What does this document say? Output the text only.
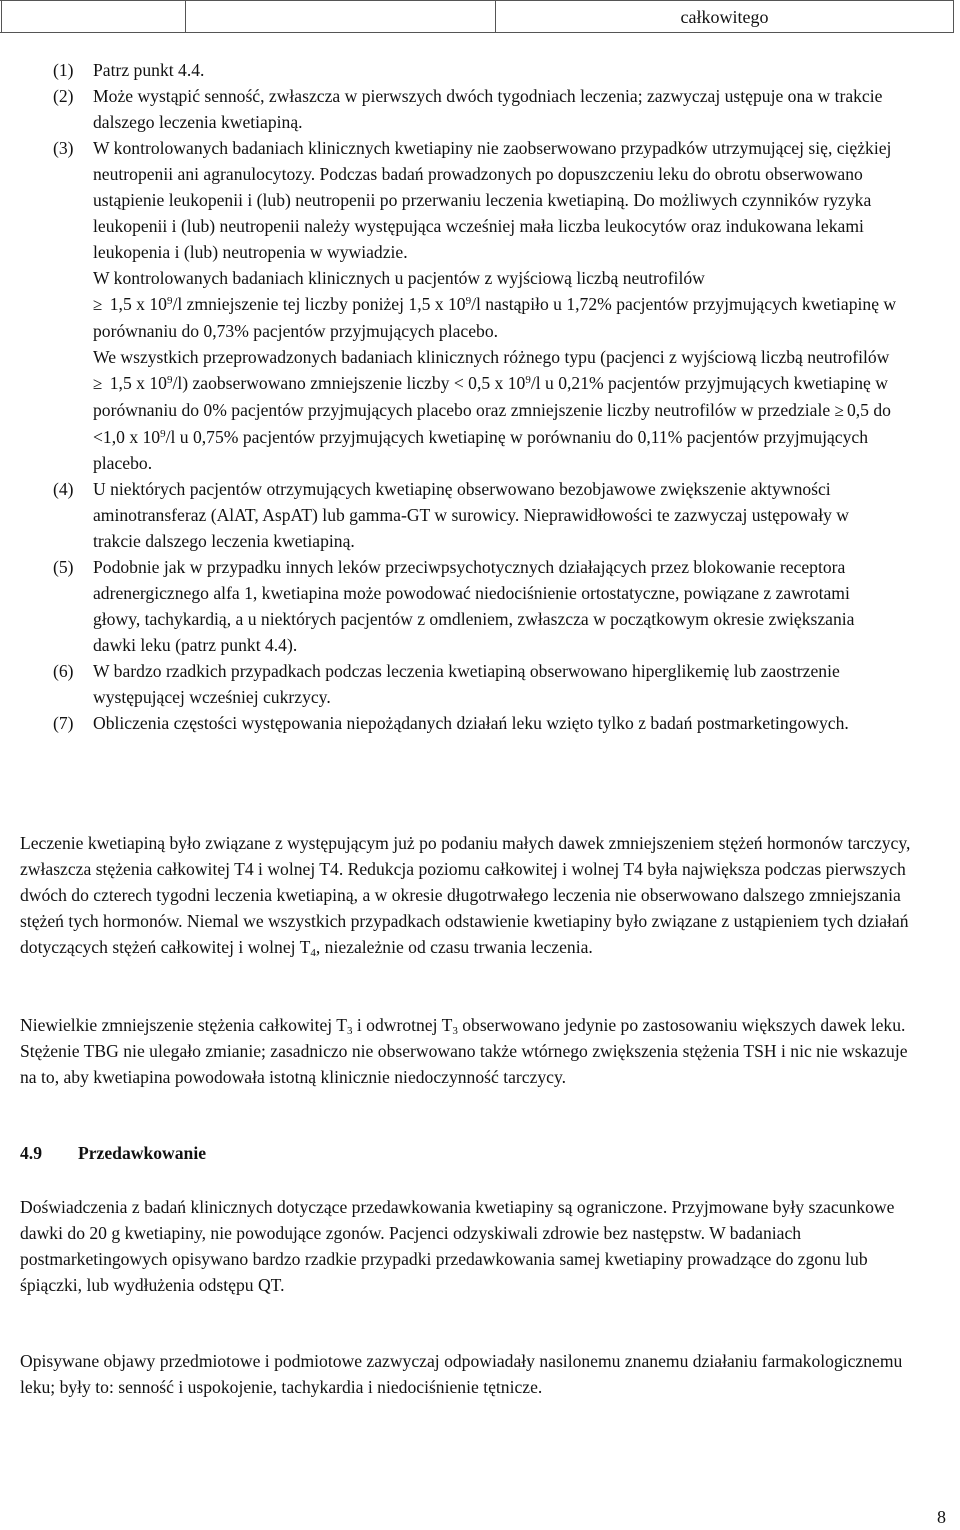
			całkowitego
(1)	Patrz punkt 4.4.

(2)	Może wystąpić senność, zwłaszcza w pierwszych dwóch tygodniach leczenia; zazwyczaj ustępuje ona w trakcie dalszego leczenia kwetiapiną.

(3)	W kontrolowanych badaniach klinicznych kwetiapiny nie zaobserwowano przypadków utrzymującej się, ciężkiej neutropenii ani agranulocytozy. Podczas badań prowadzonych po dopuszczeniu leku do obrotu obserwowano ustąpienie leukopenii i (lub) neutropenii po przerwaniu leczenia kwetiapiną. Do możliwych czynników ryzyka leukopenii i (lub) neutropenii należy występująca wcześniej mała liczba leukocytów oraz indukowana lekami leukopenia i (lub) neutropenia w wywiadzie.

W kontrolowanych badaniach klinicznych u pacjentów z wyjściową liczbą neutrofilów
≥ 1,5 x $10^9/l$ zmniejszenie tej liczby poniżej 1,5 x $10^9/l$ nastąpiło u 1,72% pacjentów przyjmujących kwetiapinę w porównaniu do 0,73% pacjentów przyjmujących placebo.

We wszystkich przeprowadzonych badaniach klinicznych różnego typu (pacjenci z wyjściową liczbą neutrofilów ≥ 1,5 x $10^9/l$) zaobserwowano zmniejszenie liczby < 0,5 x $10^9/l$ u 0,21% pacjentów przyjmujących kwetiapinę w porównaniu do 0% pacjentów przyjmujących placebo oraz zmniejszenie liczby neutrofilów w przedziale ≥ 0,5 do <1,0 x $10^9/l$ u 0,75% pacjentów przyjmujących kwetiapinę w porównaniu do 0,11% pacjentów przyjmujących placebo.

(4)	U niektórych pacjentów otrzymujących kwetiapinę obserwowano bezobjawowe zwiększenie aktywności aminotransferaz (AlAT, AspAT) lub gamma-GT w surowicy. Nieprawidłowości te zazwyczaj ustępowały w trakcie dalszego leczenia kwetiapiną.

(5)	Podobnie jak w przypadku innych leków przeciwpsychotycznych działających przez blokowanie receptora adrenergicznego alfa 1, kwetiapina może powodować niedociśnienie ortostatyczne, powiązane z zawrotami głowy, tachykardią, a u niektórych pacjentów z omdleniem, zwłaszcza w początkowym okresie zwiększania dawki leku (patrz punkt 4.4).

(6)	W bardzo rzadkich przypadkach podczas leczenia kwetiapiną obserwowano hiperglikemię lub zaostrzenie występującej wcześniej cukrzycy.

(7)	Obliczenia częstości występowania niepożądanych działań leku wzięto tylko z badań postmarketingowych.

Leczenie kwetiapiną było związane z występującym już po podaniu małych dawek zmniejszeniem stężeń hormonów tarczycy, zwłaszcza stężenia całkowitej T4 i wolnej T4. Redukcja poziomu całkowitej i wolnej T4 była największa podczas pierwszych dwóch do czterech tygodni leczenia kwetiapiną, a w okresie długotrwałego leczenia nie obserwowano dalszego zmniejszania stężeń tych hormonów. Niemal we wszystkich przypadkach odstawienie kwetiapiny było związane z ustąpieniem tych działań dotyczących stężeń całkowitej i wolnej $T_4$, niezależnie od czasu trwania leczenia.

Niewielkie zmniejszenie stężenia całkowitej $T_3$ i odwrotnej $T_3$ obserwowano jedynie po zastosowaniu większych dawek leku. Stężenie TBG nie ulegało zmianie; zasadniczo nie obserwowano także wtórnego zwiększenia stężenia TSH i nic nie wskazuje na to, aby kwetiapina powodowała istotną klinicznie niedoczynność tarczycy.

4.9 Przedawkowanie

Doświadczenia z badań klinicznych dotyczące przedawkowania kwetiapiny są ograniczone. Przyjmowane były szacunkowe dawki do 20 g kwetiapiny, nie powodujące zgonów. Pacjenci odzyskiwali zdrowie bez następstw. W badaniach postmarketingowych opisywano bardzo rzadkie przypadki przedawkowania samej kwetiapiny prowadzące do zgonu lub śpiączki, lub wydłużenia odstępu QT.

Opisywane objawy przedmiotowe i podmiotowe zazwyczaj odpowiadały nasilonemu znanemu działaniu farmakologicznemu leku; były to: senność i uspokojenie, tachykardia i niedociśnienie tętnicze.

8
